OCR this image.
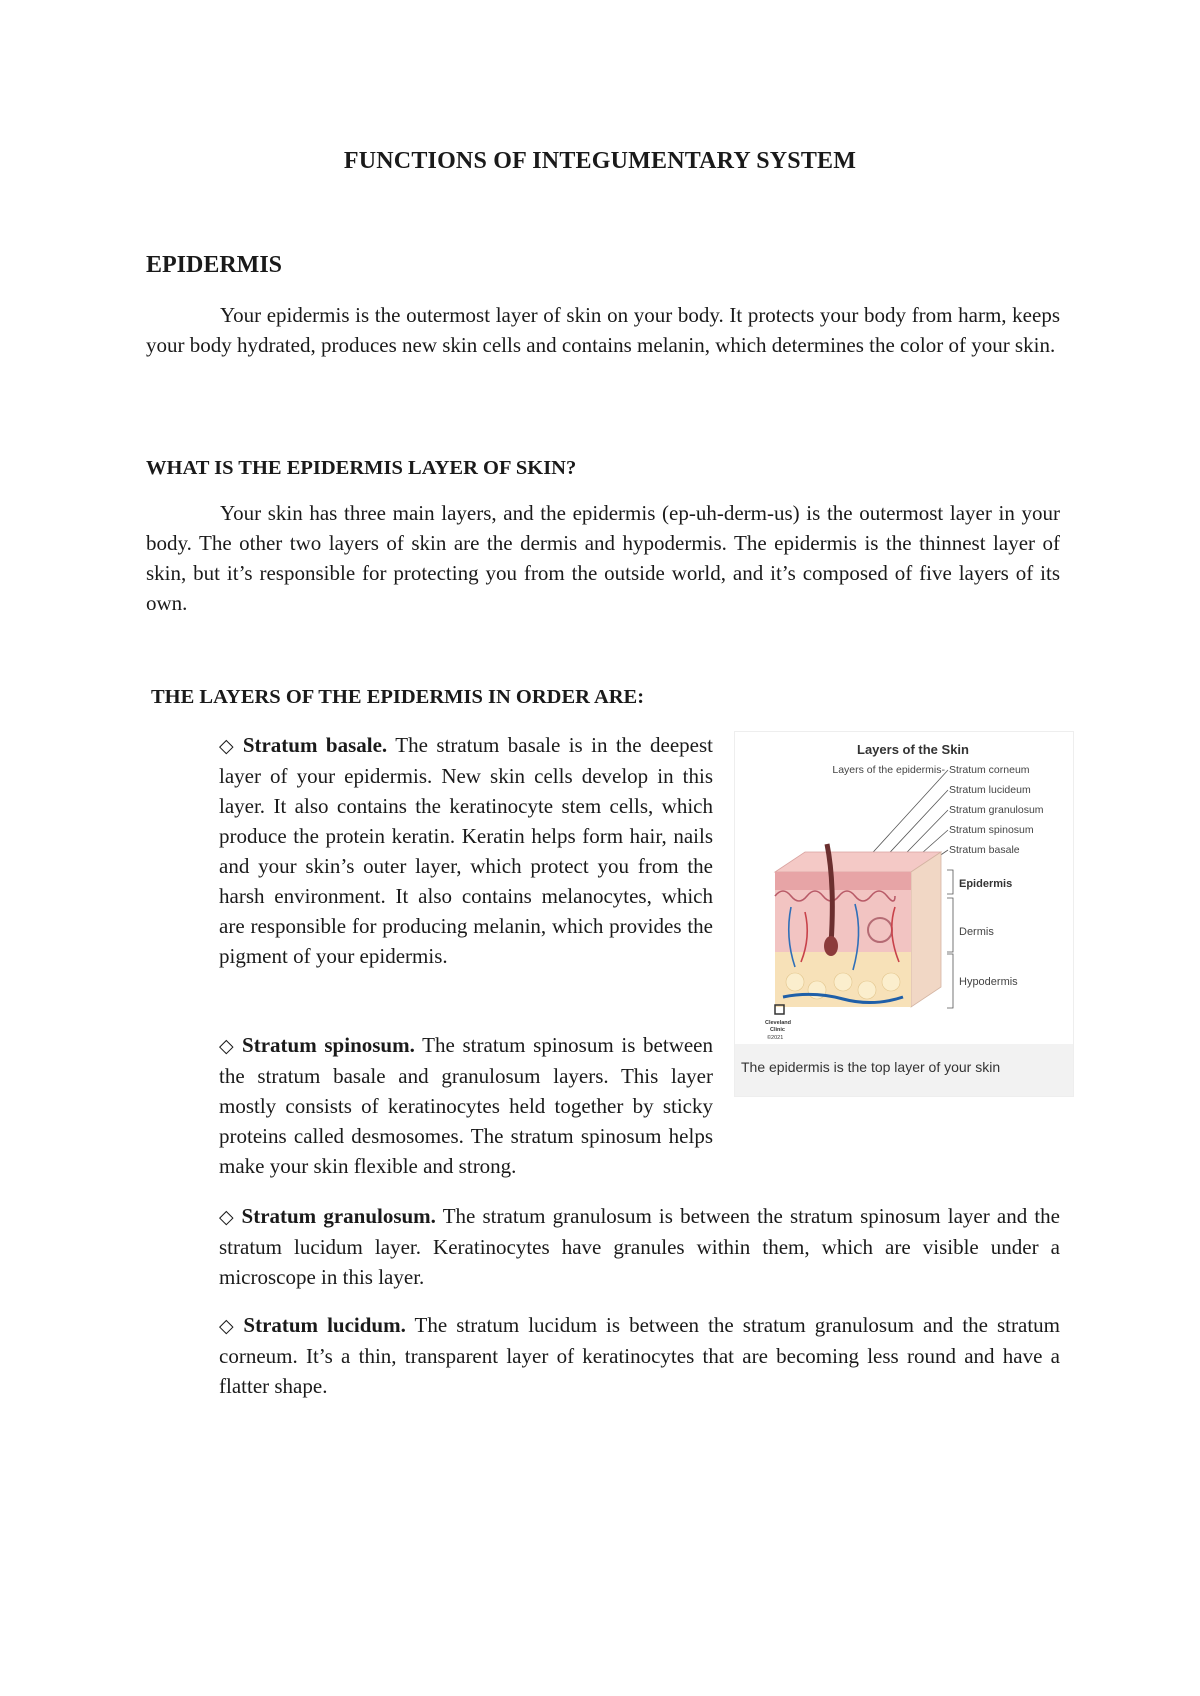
FUNCTIONS OF INTEGUMENTARY SYSTEM
EPIDERMIS
Your epidermis is the outermost layer of skin on your body. It protects your body from harm, keeps your body hydrated, produces new skin cells and contains melanin, which determines the color of your skin.
WHAT IS THE EPIDERMIS LAYER OF SKIN?
Your skin has three main layers, and the epidermis (ep-uh-derm-us) is the outermost layer in your body. The other two layers of skin are the dermis and hypodermis. The epidermis is the thinnest layer of skin, but it’s responsible for protecting you from the outside world, and it’s composed of five layers of its own.
THE LAYERS OF THE EPIDERMIS IN ORDER ARE:
◇ Stratum basale. The stratum basale is in the deepest layer of your epidermis. New skin cells develop in this layer. It also contains the keratinocyte stem cells, which produce the protein keratin. Keratin helps form hair, nails and your skin’s outer layer, which protect you from the harsh environment. It also contains melanocytes, which are responsible for producing melanin, which provides the pigment of your epidermis.
◇ Stratum spinosum. The stratum spinosum is between the stratum basale and granulosum layers. This layer mostly consists of keratinocytes held together by sticky proteins called desmosomes. The stratum spinosum helps make your skin flexible and strong.
◇ Stratum granulosum. The stratum granulosum is between the stratum spinosum layer and the stratum lucidum layer. Keratinocytes have granules within them, which are visible under a microscope in this layer.
◇ Stratum lucidum. The stratum lucidum is between the stratum granulosum and the stratum corneum. It’s a thin, transparent layer of keratinocytes that are becoming less round and have a flatter shape.
Layers of the Skin
Layers of the epidermis- Stratum corneum
Stratum lucideum
Stratum granulosum
Stratum spinosum
Stratum basale
Epidermis
Dermis
Hypodermis
Cleveland
Clinic
©2021
The epidermis is the top layer of your skin
